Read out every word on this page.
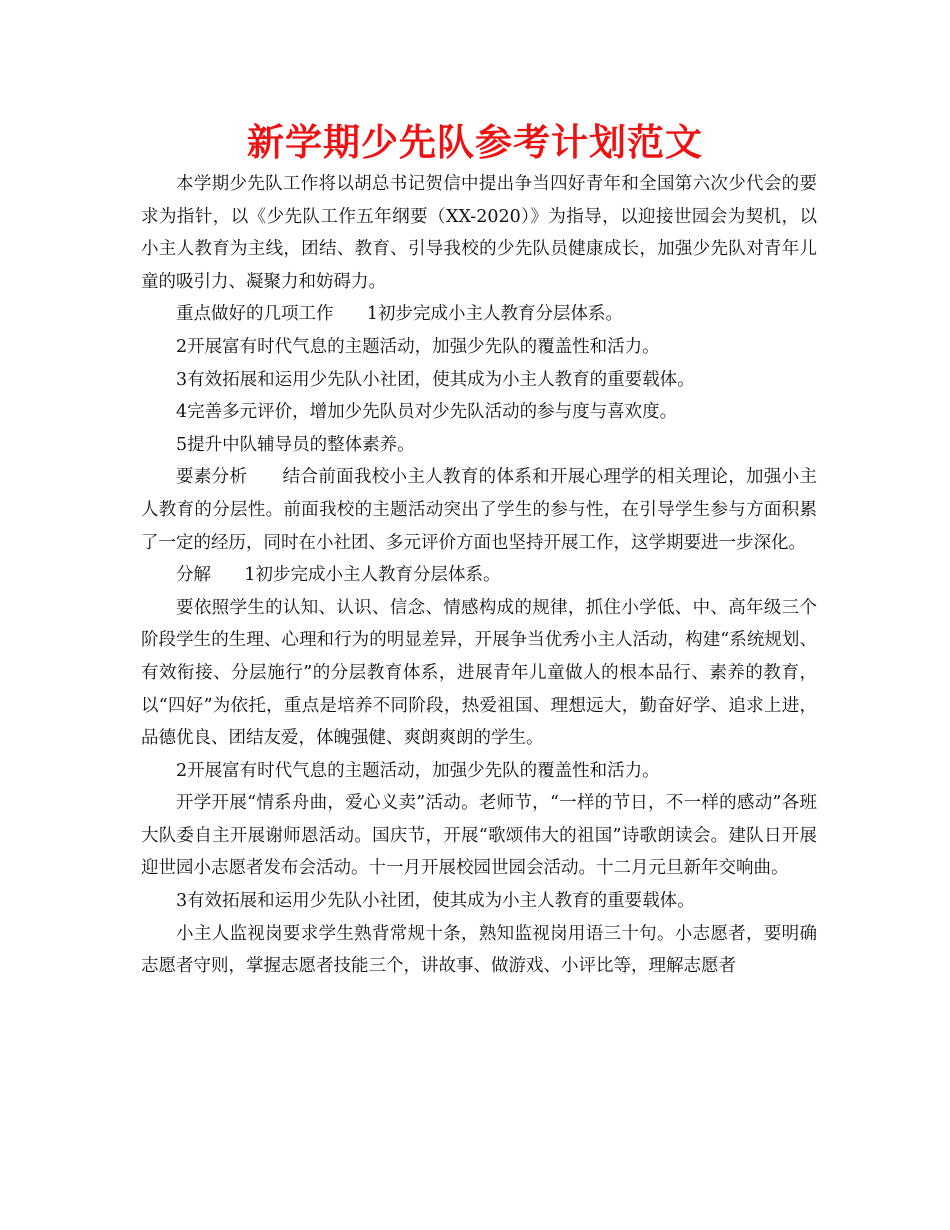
新学期少先队参考计划范文

本学期少先队工作将以胡总书记贺信中提出争当四好青年和全国第六次少代会的要求为指针，以《少先队工作五年纲要（XX-2020）》为指导，以迎接世园会为契机，以小主人教育为主线，团结、教育、引导我校的少先队员健康成长，加强少先队对青年儿童的吸引力、凝聚力和妨碍力。

重点做好的几项工作      1初步完成小主人教育分层体系。

2开展富有时代气息的主题活动，加强少先队的覆盖性和活力。

3有效拓展和运用少先队小社团，使其成为小主人教育的重要载体。

4完善多元评价，增加少先队员对少先队活动的参与度与喜欢度。

5提升中队辅导员的整体素养。

要素分析      结合前面我校小主人教育的体系和开展心理学的相关理论，加强小主人教育的分层性。前面我校的主题活动突出了学生的参与性，在引导学生参与方面积累了一定的经历，同时在小社团、多元评价方面也坚持开展工作，这学期要进一步深化。

分解      1初步完成小主人教育分层体系。

要依照学生的认知、认识、信念、情感构成的规律，抓住小学低、中、高年级三个阶段学生的生理、心理和行为的明显差异，开展争当优秀小主人活动，构建“系统规划、有效衔接、分层施行”的分层教育体系，进展青年儿童做人的根本品行、素养的教育，以“四好”为依托，重点是培养不同阶段，热爱祖国、理想远大，勤奋好学、追求上进，品德优良、团结友爱，体魄强健、爽朗爽朗的学生。

2开展富有时代气息的主题活动，加强少先队的覆盖性和活力。

开学开展“情系舟曲，爱心义卖”活动。老师节，“一样的节日，不一样的感动”各班大队委自主开展谢师恩活动。国庆节，开展“歌颂伟大的祖国”诗歌朗读会。建队日开展迎世园小志愿者发布会活动。十一月开展校园世园会活动。十二月元旦新年交响曲。

3有效拓展和运用少先队小社团，使其成为小主人教育的重要载体。

小主人监视岗要求学生熟背常规十条，熟知监视岗用语三十句。小志愿者，要明确志愿者守则，掌握志愿者技能三个，讲故事、做游戏、小评比等，理解志愿者
